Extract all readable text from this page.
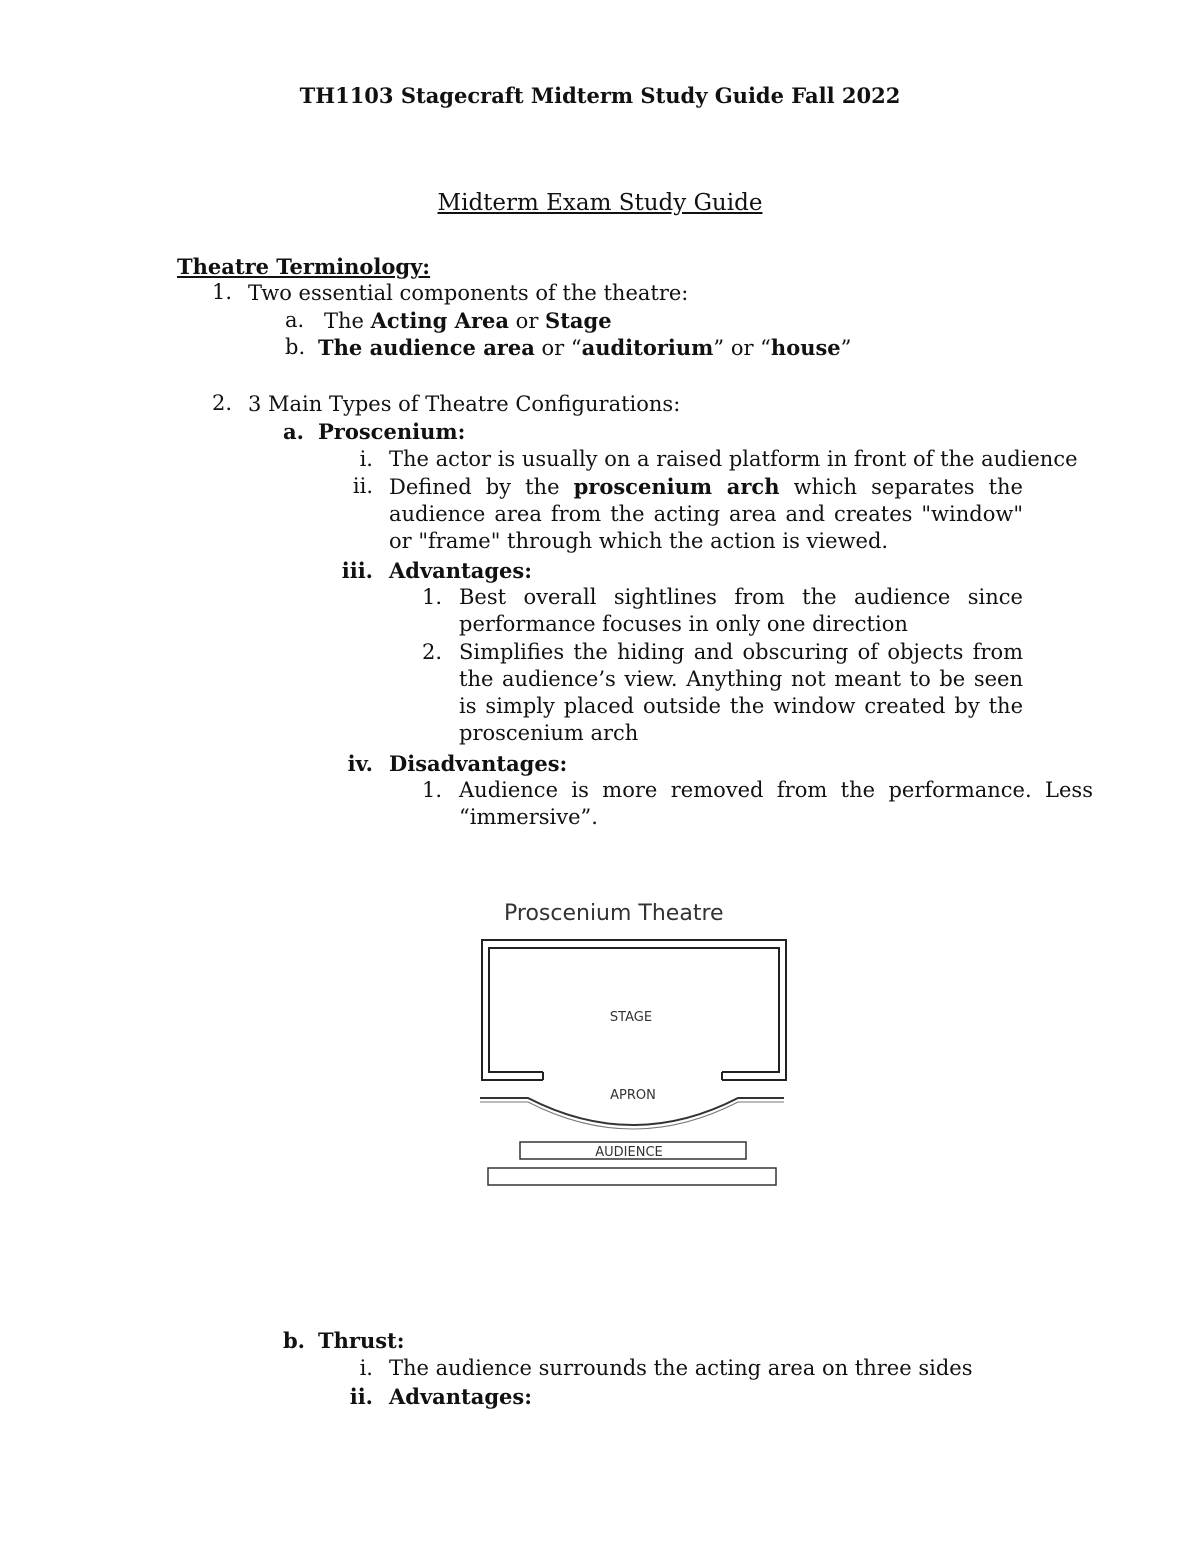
TH1103 Stagecraft Midterm Study Guide Fall 2022
Midterm Exam Study Guide
Theatre Terminology:
1. Two essential components of the theatre:
a. The Acting Area or Stage
b. The audience area or “auditorium” or “house”
2. 3 Main Types of Theatre Configurations:
a. Proscenium:
i. The actor is usually on a raised platform in front of the audience
ii. Defined by the proscenium arch which separates the audience area from the acting area and creates "window" or "frame" through which the action is viewed.
iii. Advantages:
1. Best overall sightlines from the audience since performance focuses in only one direction
2. Simplifies the hiding and obscuring of objects from the audience’s view. Anything not meant to be seen is simply placed outside the window created by the proscenium arch
iv. Disadvantages:
1. Audience is more removed from the performance. Less “immersive”.
Proscenium Theatre
STAGE
APRON
AUDIENCE
b. Thrust:
i. The audience surrounds the acting area on three sides
ii. Advantages:
